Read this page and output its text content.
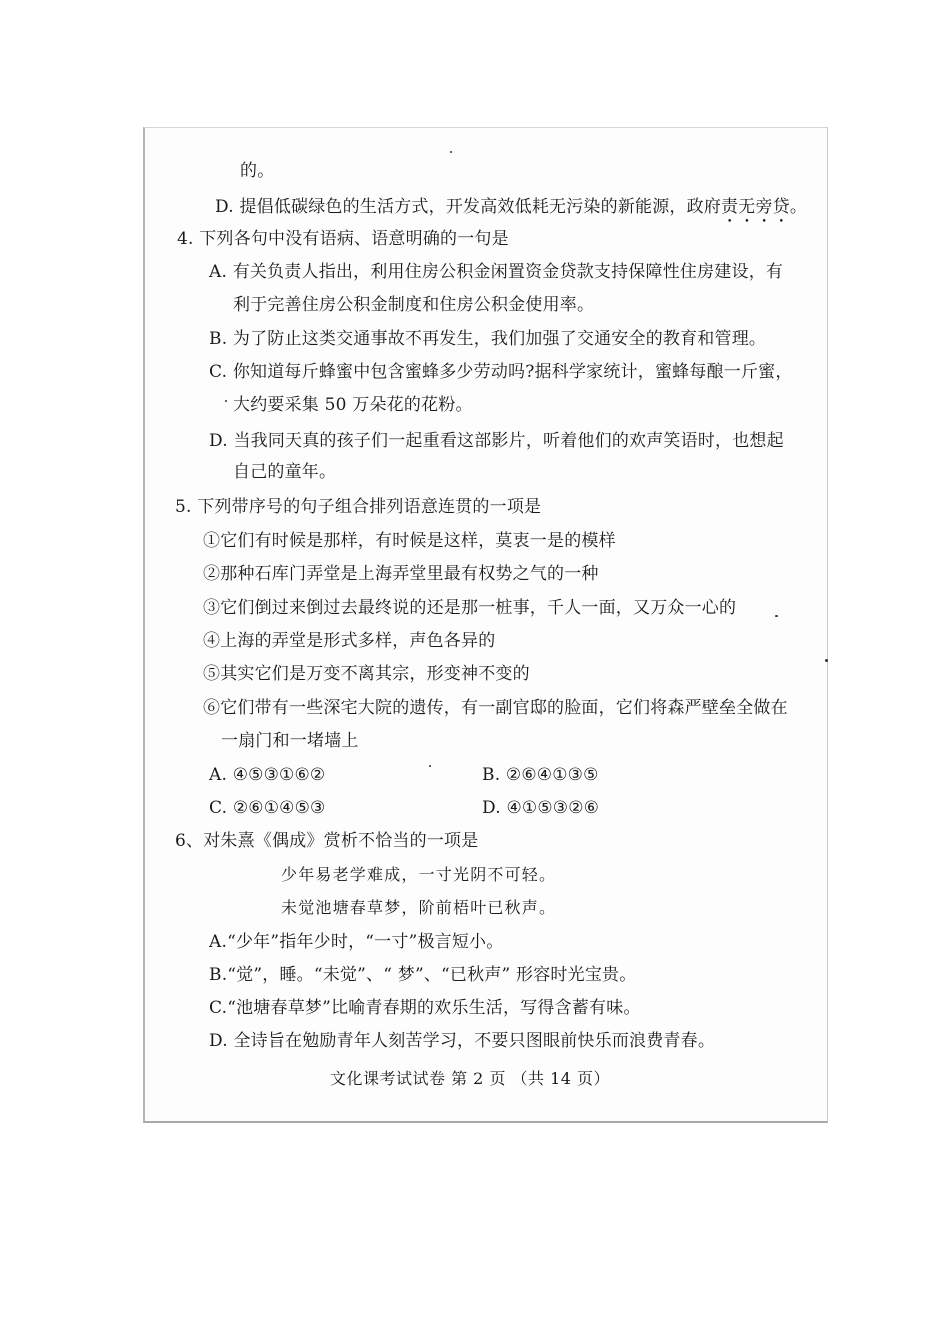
的。
D. 提倡低碳绿色的生活方式，开发高效低耗无污染的新能源，政府责无旁贷。
4. 下列各句中没有语病、语意明确的一句是
A. 有关负责人指出，利用住房公积金闲置资金贷款支持保障性住房建设，有
利于完善住房公积金制度和住房公积金使用率。
B. 为了防止这类交通事故不再发生，我们加强了交通安全的教育和管理。
C. 你知道每斤蜂蜜中包含蜜蜂多少劳动吗?据科学家统计，蜜蜂每酿一斤蜜，
大约要采集 50 万朵花的花粉。
D. 当我同天真的孩子们一起重看这部影片，听着他们的欢声笑语时，也想起
自己的童年。
5. 下列带序号的句子组合排列语意连贯的一项是
①它们有时候是那样，有时候是这样，莫衷一是的模样
②那种石库门弄堂是上海弄堂里最有权势之气的一种
③它们倒过来倒过去最终说的还是那一桩事，千人一面，又万众一心的
④上海的弄堂是形式多样，声色各异的
⑤其实它们是万变不离其宗，形变神不变的
⑥它们带有一些深宅大院的遗传，有一副官邸的脸面，它们将森严壁垒全做在
一扇门和一堵墙上
A. ④⑤③①⑥②	B. ②⑥④①③⑤
C. ②⑥①④⑤③	D. ④①⑤③②⑥
6、对朱熹《偶成》赏析不恰当的一项是
少年易老学难成，一寸光阴不可轻。
未觉池塘春草梦，阶前梧叶已秋声。
A.“少年”指年少时，“一寸”极言短小。
B.“觉”，睡。“未觉”、“ 梦”、“已秋声” 形容时光宝贵。
C.“池塘春草梦”比喻青春期的欢乐生活，写得含蓄有味。
D. 全诗旨在勉励青年人刻苦学习，不要只图眼前快乐而浪费青春。
文化课考试试卷 第 2 页 （共 14 页）
